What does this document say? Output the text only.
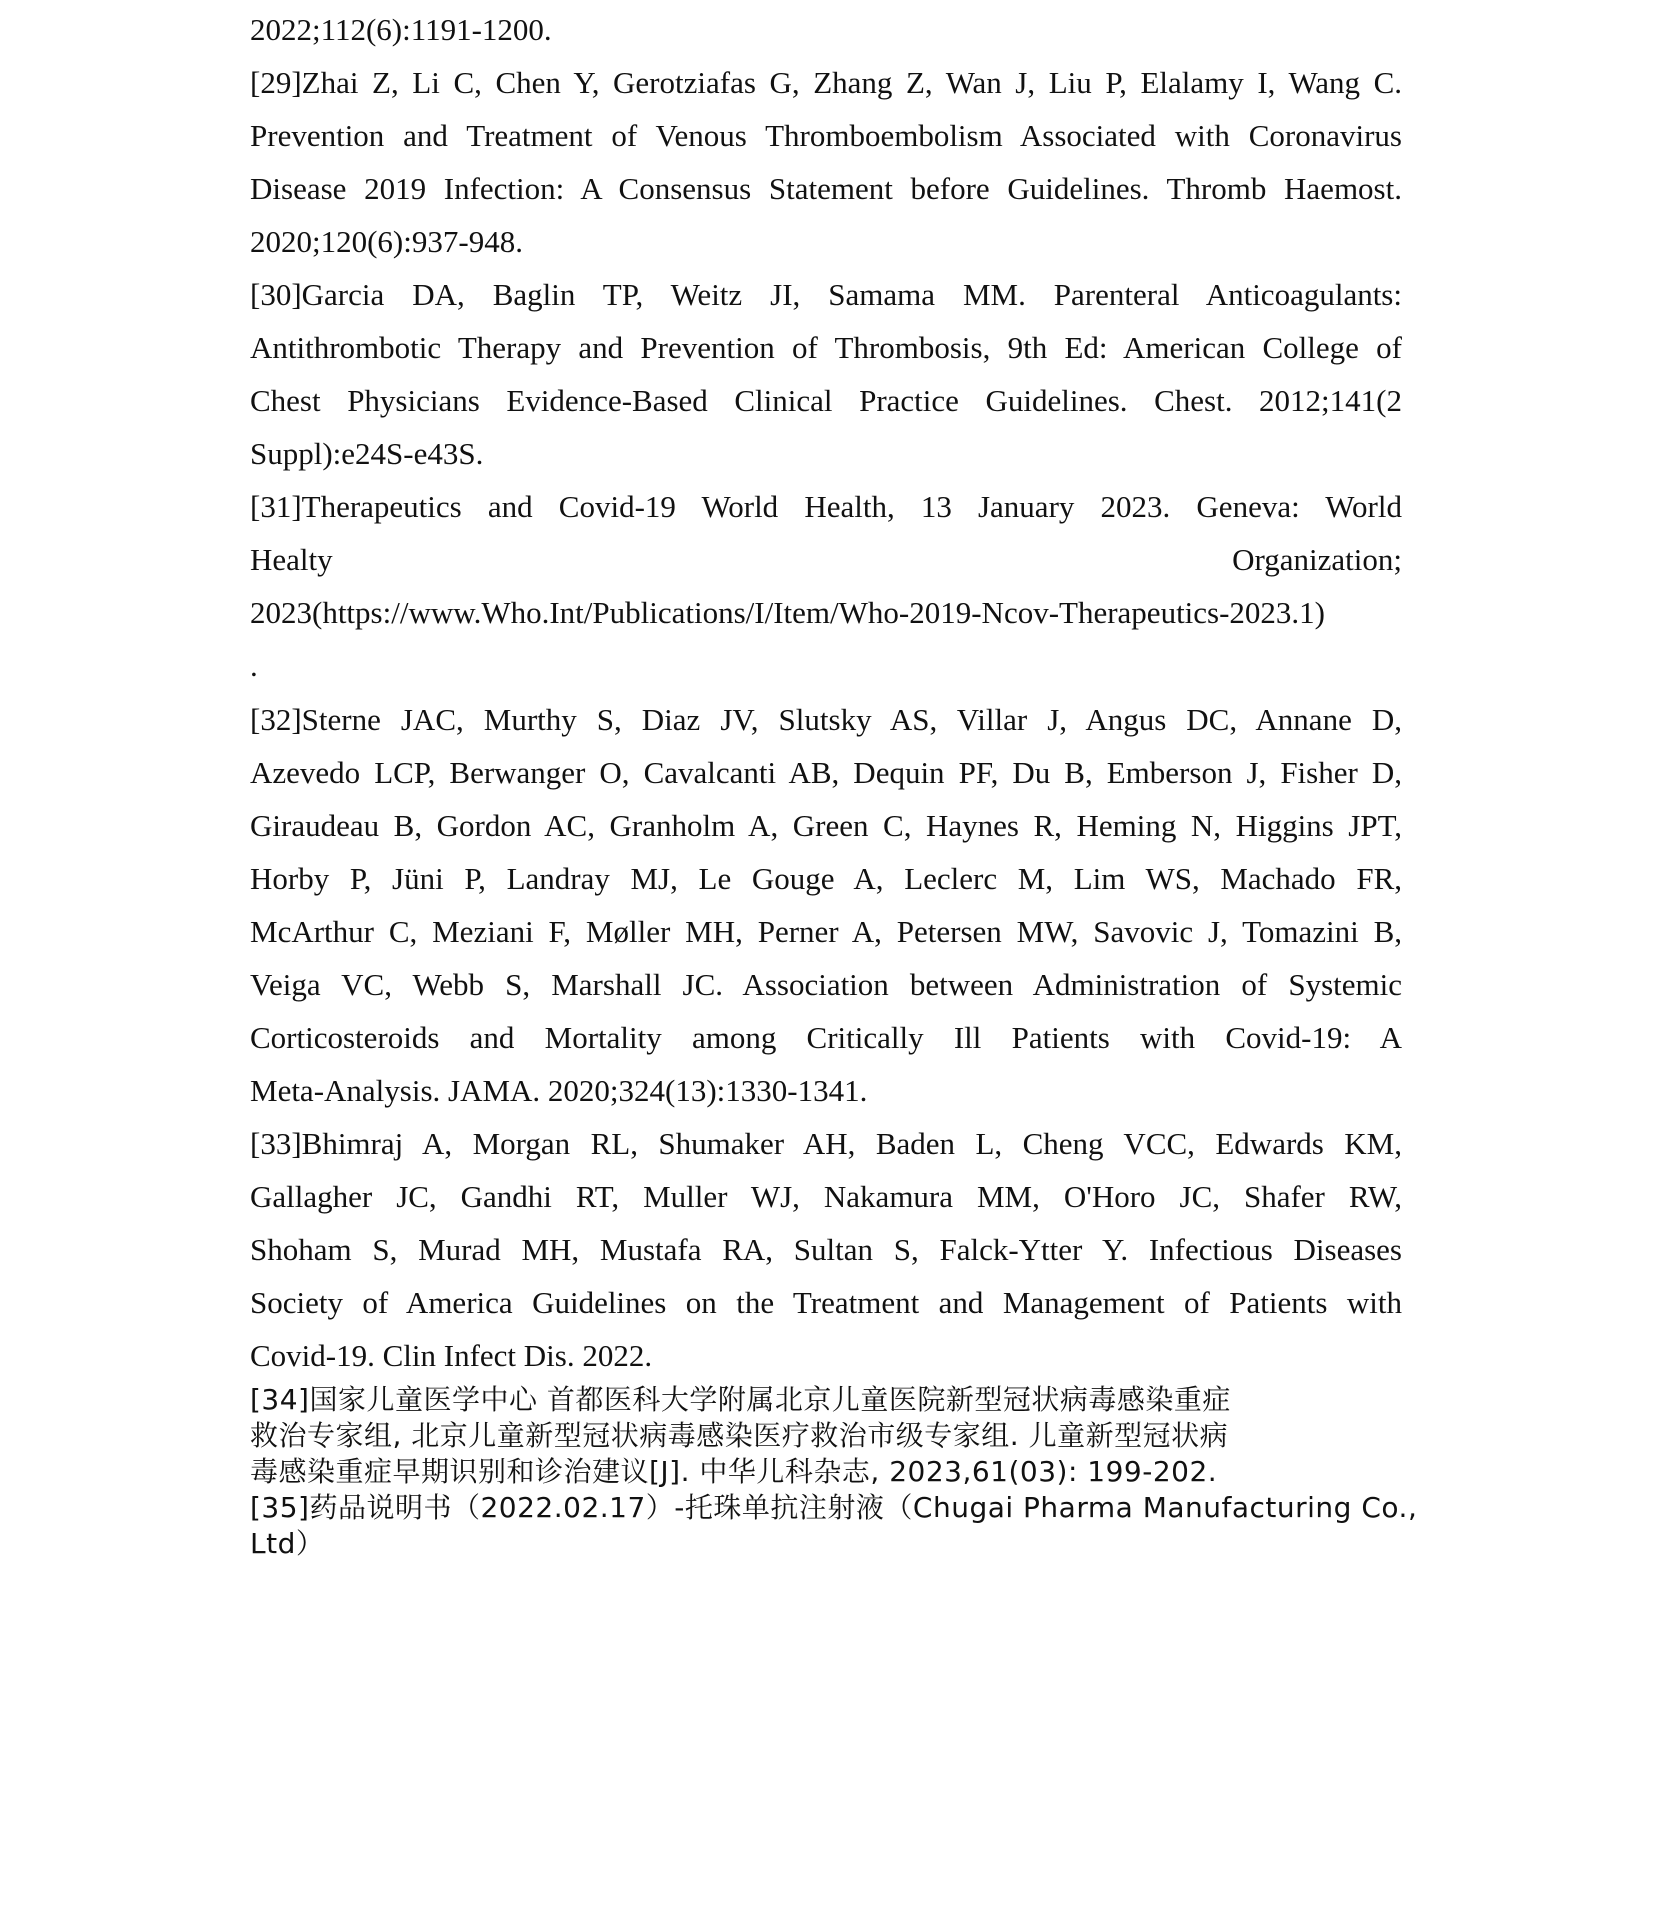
2022;112(6):1191-1200.
[29]Zhai Z, Li C, Chen Y, Gerotziafas G, Zhang Z, Wan J, Liu P, Elalamy I, Wang C.
Prevention and Treatment of Venous Thromboembolism Associated with Coronavirus
Disease 2019 Infection: A Consensus Statement before Guidelines. Thromb Haemost.
2020;120(6):937-948.
[30]Garcia DA, Baglin TP, Weitz JI, Samama MM. Parenteral Anticoagulants:
Antithrombotic Therapy and Prevention of Thrombosis, 9th Ed: American College of
Chest Physicians Evidence-Based Clinical Practice Guidelines. Chest. 2012;141(2
Suppl):e24S-e43S.
[31]Therapeutics and Covid-19 World Health, 13 January 2023. Geneva: World
Healty Organization;
2023(https://www.Who.Int/Publications/I/Item/Who-2019-Ncov-Therapeutics-2023.1)
.
[32]Sterne JAC, Murthy S, Diaz JV, Slutsky AS, Villar J, Angus DC, Annane D,
Azevedo LCP, Berwanger O, Cavalcanti AB, Dequin PF, Du B, Emberson J, Fisher D,
Giraudeau B, Gordon AC, Granholm A, Green C, Haynes R, Heming N, Higgins JPT,
Horby P, Jüni P, Landray MJ, Le Gouge A, Leclerc M, Lim WS, Machado FR,
McArthur C, Meziani F, Møller MH, Perner A, Petersen MW, Savovic J, Tomazini B,
Veiga VC, Webb S, Marshall JC. Association between Administration of Systemic
Corticosteroids and Mortality among Critically Ill Patients with Covid-19: A
Meta-Analysis. JAMA. 2020;324(13):1330-1341.
[33]Bhimraj A, Morgan RL, Shumaker AH, Baden L, Cheng VCC, Edwards KM,
Gallagher JC, Gandhi RT, Muller WJ, Nakamura MM, O'Horo JC, Shafer RW,
Shoham S, Murad MH, Mustafa RA, Sultan S, Falck-Ytter Y. Infectious Diseases
Society of America Guidelines on the Treatment and Management of Patients with
Covid-19. Clin Infect Dis. 2022.
[34]国家儿童医学中心 首都医科大学附属北京儿童医院新型冠状病毒感染重症
救治专家组, 北京儿童新型冠状病毒感染医疗救治市级专家组. 儿童新型冠状病
毒感染重症早期识别和诊治建议[J]. 中华儿科杂志, 2023,61(03): 199-202.
[35]药品说明书（2022.02.17）-托珠单抗注射液（Chugai Pharma Manufacturing Co.,
Ltd）
